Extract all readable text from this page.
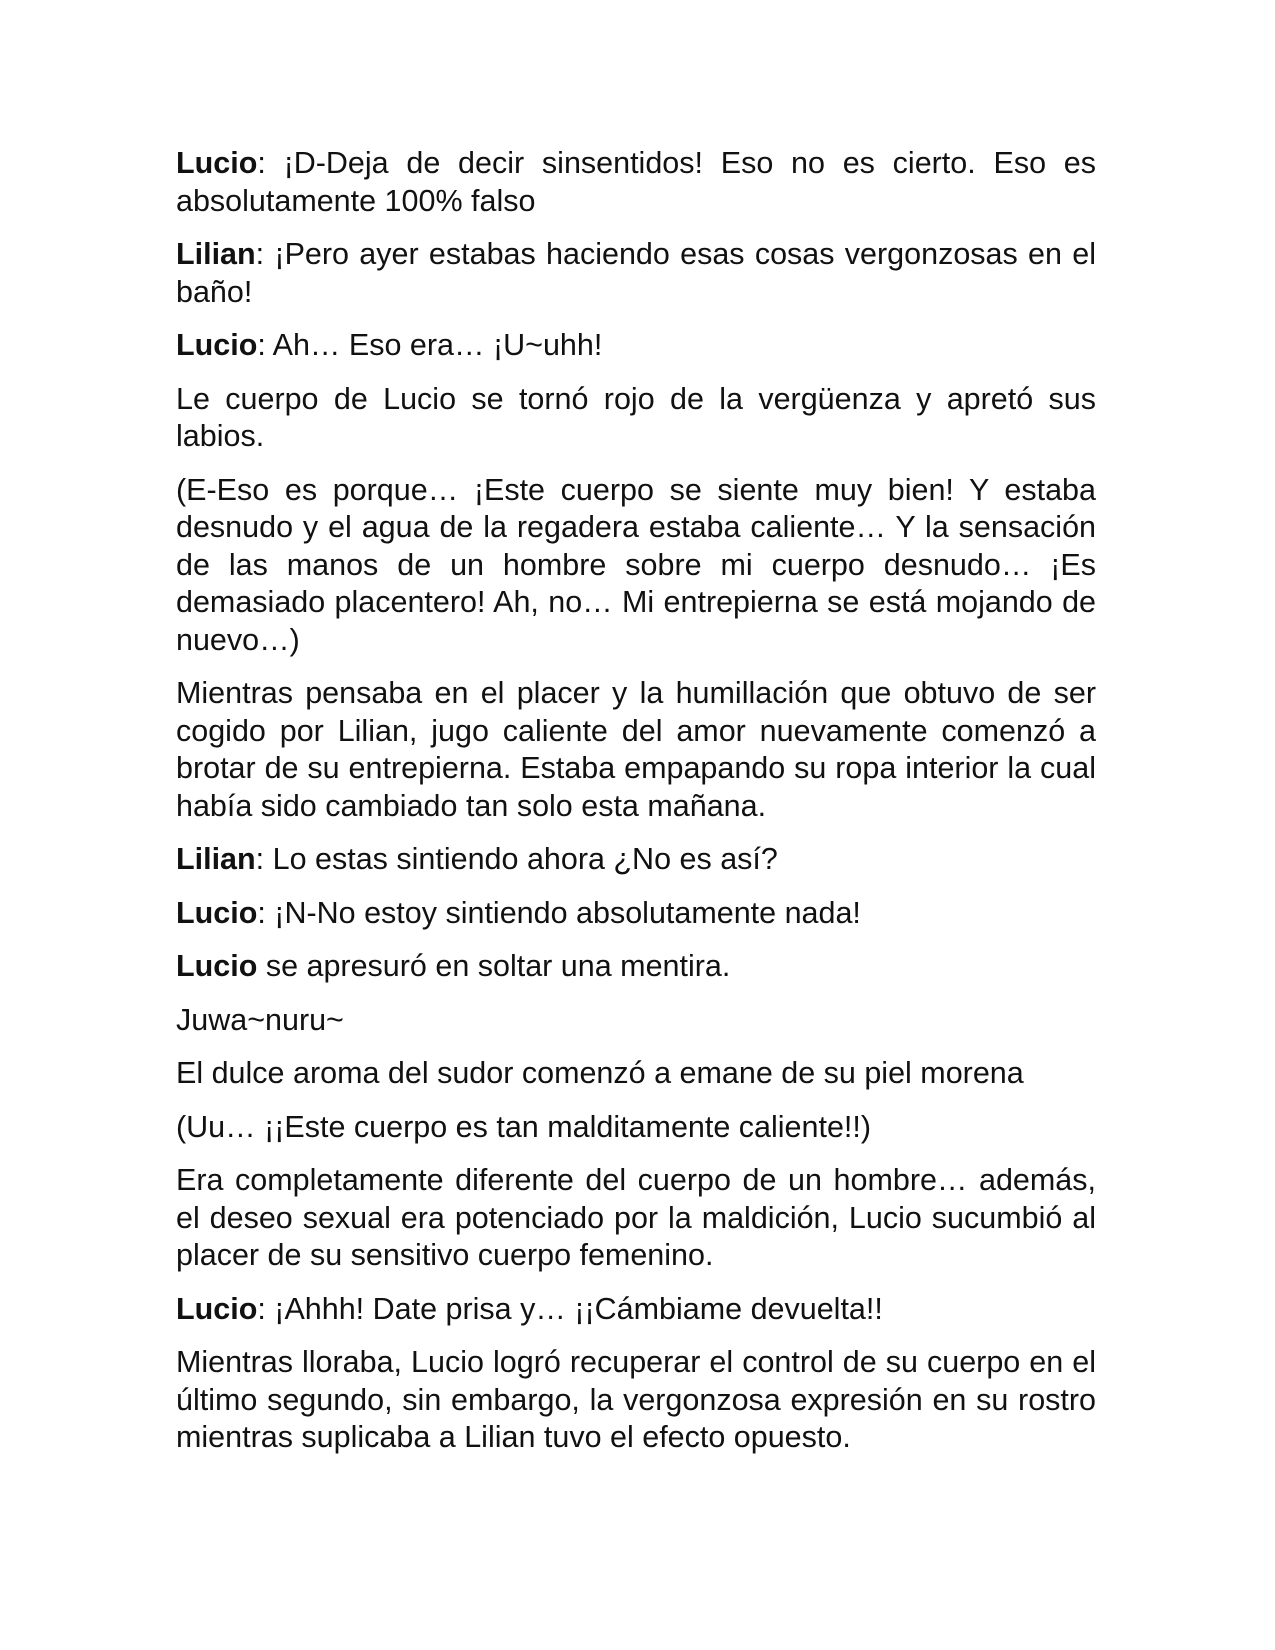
Lucio: ¡D-Deja de decir sinsentidos! Eso no es cierto. Eso es absolutamente 100% falso

Lilian: ¡Pero ayer estabas haciendo esas cosas vergonzosas en el baño!

Lucio: Ah… Eso era… ¡U~uhh!

Le cuerpo de Lucio se tornó rojo de la vergüenza y apretó sus labios.

(E-Eso es porque… ¡Este cuerpo se siente muy bien! Y estaba desnudo y el agua de la regadera estaba caliente… Y la sensación de las manos de un hombre sobre mi cuerpo desnudo… ¡Es demasiado placentero! Ah, no… Mi entrepierna se está mojando de nuevo…)

Mientras pensaba en el placer y la humillación que obtuvo de ser cogido por Lilian, jugo caliente del amor nuevamente comenzó a brotar de su entrepierna. Estaba empapando su ropa interior la cual había sido cambiado tan solo esta mañana.

Lilian: Lo estas sintiendo ahora ¿No es así?

Lucio: ¡N-No estoy sintiendo absolutamente nada!

Lucio se apresuró en soltar una mentira.

Juwa~nuru~

El dulce aroma del sudor comenzó a emane de su piel morena

(Uu… ¡¡Este cuerpo es tan malditamente caliente!!)

Era completamente diferente del cuerpo de un hombre… además, el deseo sexual era potenciado por la maldición, Lucio sucumbió al placer de su sensitivo cuerpo femenino.

Lucio: ¡Ahhh! Date prisa y… ¡¡Cámbiame devuelta!!

Mientras lloraba, Lucio logró recuperar el control de su cuerpo en el último segundo, sin embargo, la vergonzosa expresión en su rostro mientras suplicaba a Lilian tuvo el efecto opuesto.
